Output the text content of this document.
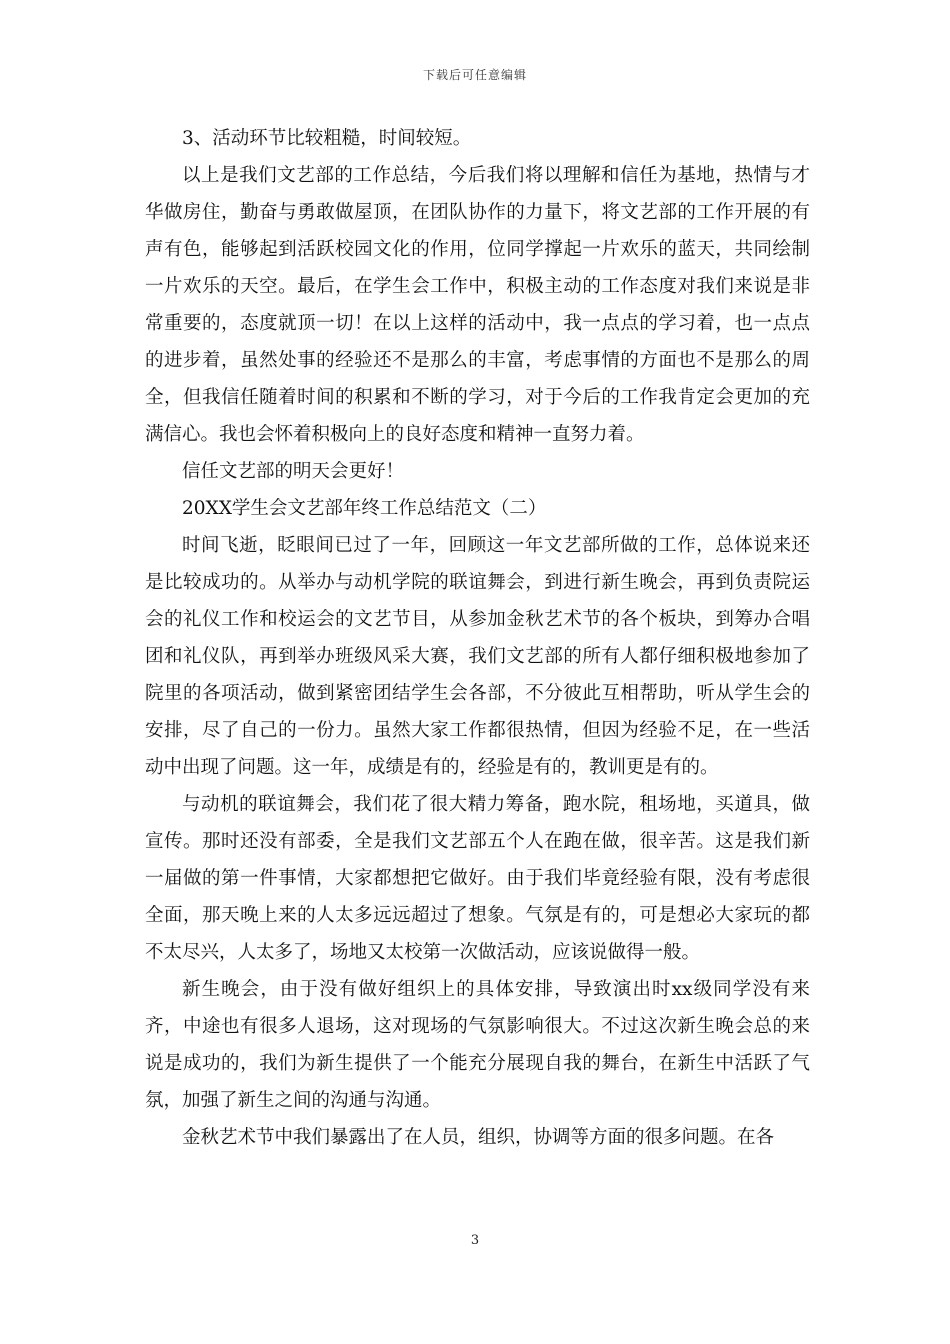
下载后可任意编辑

3、活动环节比较粗糙，时间较短。

以上是我们文艺部的工作总结，今后我们将以理解和信任为基地，热情与才华做房住，勤奋与勇敢做屋顶，在团队协作的力量下，将文艺部的工作开展的有声有色，能够起到活跃校园文化的作用，位同学撑起一片欢乐的蓝天，共同绘制一片欢乐的天空。最后，在学生会工作中，积极主动的工作态度对我们来说是非常重要的，态度就顶一切！在以上这样的活动中，我一点点的学习着，也一点点的进步着，虽然处事的经验还不是那么的丰富，考虑事情的方面也不是那么的周全，但我信任随着时间的积累和不断的学习，对于今后的工作我肯定会更加的充满信心。我也会怀着积极向上的良好态度和精神一直努力着。

信任文艺部的明天会更好！

20XX学生会文艺部年终工作总结范文（二）

时间飞逝，眨眼间已过了一年，回顾这一年文艺部所做的工作，总体说来还是比较成功的。从举办与动机学院的联谊舞会，到进行新生晚会，再到负责院运会的礼仪工作和校运会的文艺节目，从参加金秋艺术节的各个板块，到筹办合唱团和礼仪队，再到举办班级风采大赛，我们文艺部的所有人都仔细积极地参加了院里的各项活动，做到紧密团结学生会各部，不分彼此互相帮助，听从学生会的安排，尽了自己的一份力。虽然大家工作都很热情，但因为经验不足，在一些活动中出现了问题。这一年，成绩是有的，经验是有的，教训更是有的。

与动机的联谊舞会，我们花了很大精力筹备，跑水院，租场地，买道具，做宣传。那时还没有部委，全是我们文艺部五个人在跑在做，很辛苦。这是我们新一届做的第一件事情，大家都想把它做好。由于我们毕竟经验有限，没有考虑很全面，那天晚上来的人太多远远超过了想象。气氛是有的，可是想必大家玩的都不太尽兴，人太多了，场地又太校第一次做活动，应该说做得一般。

新生晚会，由于没有做好组织上的具体安排，导致演出时xx级同学没有来齐，中途也有很多人退场，这对现场的气氛影响很大。不过这次新生晚会总的来说是成功的，我们为新生提供了一个能充分展现自我的舞台，在新生中活跃了气氛，加强了新生之间的沟通与沟通。

金秋艺术节中我们暴露出了在人员，组织，协调等方面的很多问题。在各

3
